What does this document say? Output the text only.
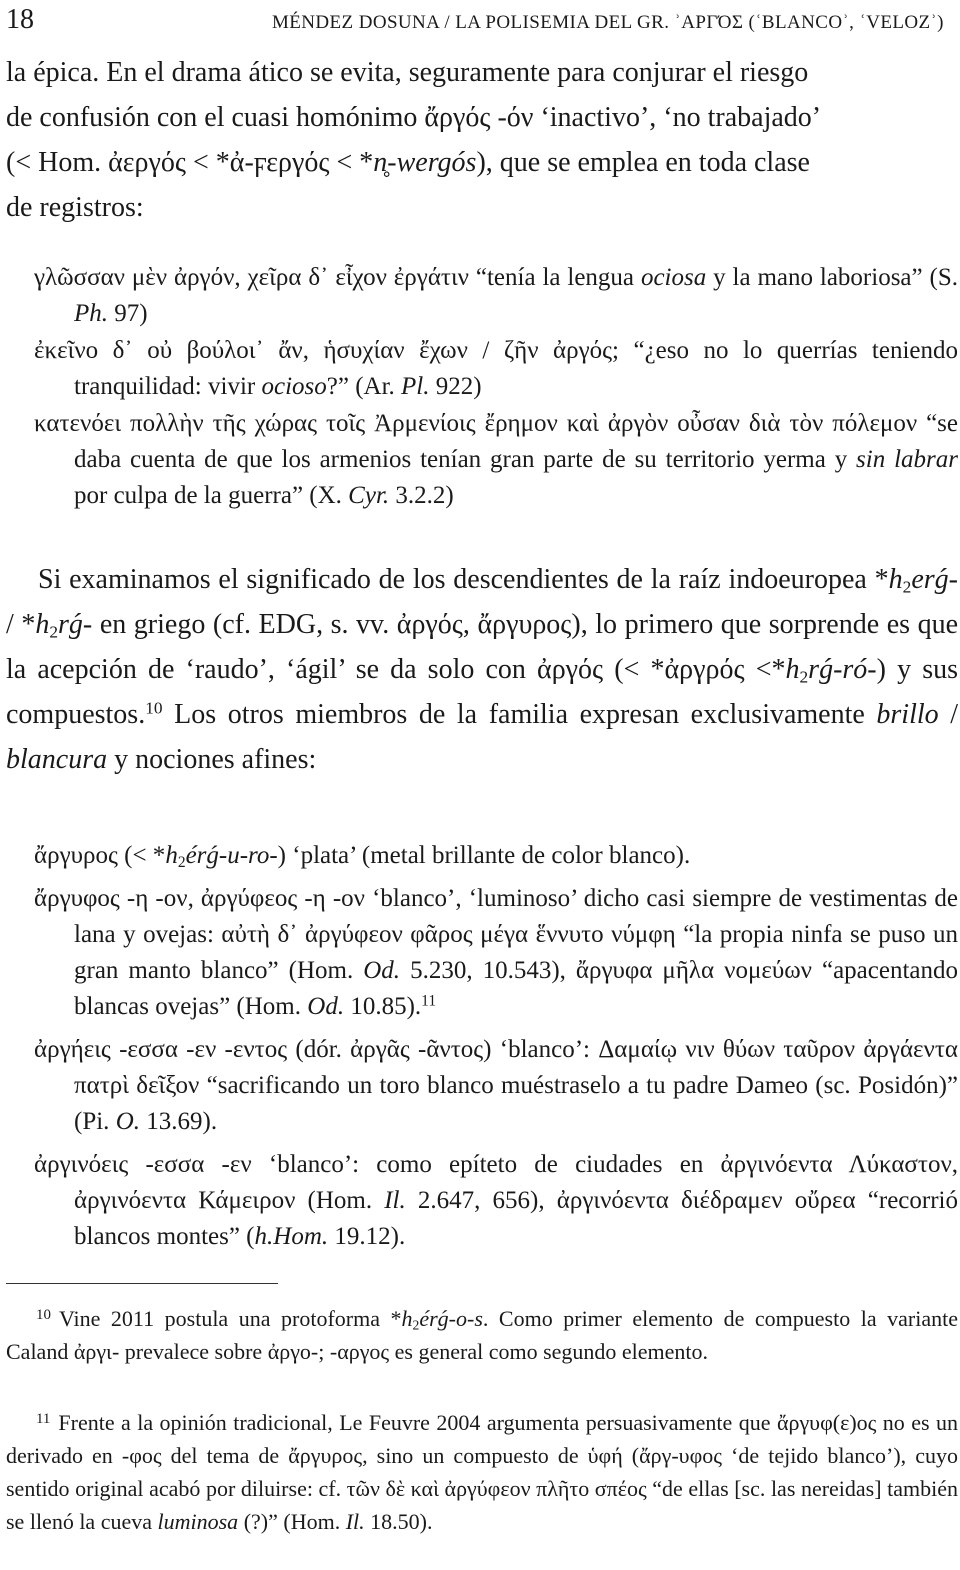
18	MÉNDEZ DOSUNA / LA POLISEMIA DEL GR. ʾΑΡΓΌΣ (ʿBLANCOʾ, ʿVELOZʾ)
la épica. En el drama ático se evita, seguramente para conjurar el riesgo
de confusión con el cuasi homónimo ἄργός -όν ‘inactivo’, ‘no trabajado’
(< Hom. ἀεργός < *ἀ-ϝεργός < *n̥-wergós), que se emplea en toda clase
de registros:

γλῶσσαν μὲν ἀργόν, χεῖρα δ᾽ εἶχον ἐργάτιν “tenía la lengua ociosa y la mano laboriosa” (S. Ph. 97)

ἐκεῖνο δ᾽ οὐ βούλοι᾽ ἄν, ἡσυχίαν ἔχων / ζῆν ἀργός; “¿eso no lo querrías teniendo tranquilidad: vivir ocioso?” (Ar. Pl. 922)

κατενόει πολλὴν τῆς χώρας τοῖς Ἀρμενίοις ἔρημον καὶ ἀργὸν οὖσαν διὰ τὸν πόλεμον “se daba cuenta de que los armenios tenían gran parte de su territorio yerma y sin labrar por culpa de la guerra” (X. Cyr. 3.2.2)

Si examinamos el significado de los descendientes de la raíz indoeuropea $*h_2erǵ-$ / $*h_2rǵ-$ en griego (cf. EDG, s. vv. ἀργός, ἄργυρος), lo primero que sorprende es que la acepción de ‘raudo’, ‘ágil’ se da solo con ἀργός (< *ἀργρός $<*h_2rǵ-ró-$) y sus compuestos.$^{10}$ Los otros miembros de la familia expresan exclusivamente brillo / blancura y nociones afines:

ἄργυρος (< $*h_2érǵ-u-ro-$) ‘plata’ (metal brillante de color blanco).

ἄργυφος -η -ον, ἀργύφεος -η -ον ‘blanco’, ‘luminoso’ dicho casi siempre de vestimentas de lana y ovejas: αὐτὴ δ᾽ ἀργύφεον φᾶρος μέγα ἕννυτο νύμφη “la propia ninfa se puso un gran manto blanco” (Hom. Od. 5.230, 10.543), ἄργυφα μῆλα νομεύων “apacentando blancas ovejas” (Hom. Od. 10.85).$^{11}$

ἀργήεις -εσσα -εν -εντος (dór. ἀργᾶς -ᾶντος) ‘blanco’: Δαμαίῳ νιν θύων ταῦρον ἀργάεντα πατρὶ δεῖξον “sacrificando un toro blanco muéstraselo a tu padre Dameo (sc. Posidón)” (Pi. O. 13.69).

ἀργινόεις -εσσα -εν ‘blanco’: como epíteto de ciudades en ἀργινόεντα Λύκαστον, ἀργινόεντα Κάμειρον (Hom. Il. 2.647, 656), ἀργινόεντα διέδραμεν οὔρεα “recorrió blancos montes” (h.Hom. 19.12).

$^{10}$ Vine 2011 postula una protoforma $*h_2érǵ-o-s$. Como primer elemento de compuesto la variante Caland ἀργι- prevalece sobre ἀργο-; -αργος es general como segundo elemento.

$^{11}$ Frente a la opinión tradicional, Le Feuvre 2004 argumenta persuasivamente que ἄργυφ(ε)ος no es un derivado en -φος del tema de ἄργυρος, sino un compuesto de ὑφή (ἄργ-υφος ‘de tejido blanco’), cuyo sentido original acabó por diluirse: cf. τῶν δὲ καὶ ἀργύφεον πλῆτο σπέος “de ellas [sc. las nereidas] también se llenó la cueva luminosa (?)” (Hom. Il. 18.50).
